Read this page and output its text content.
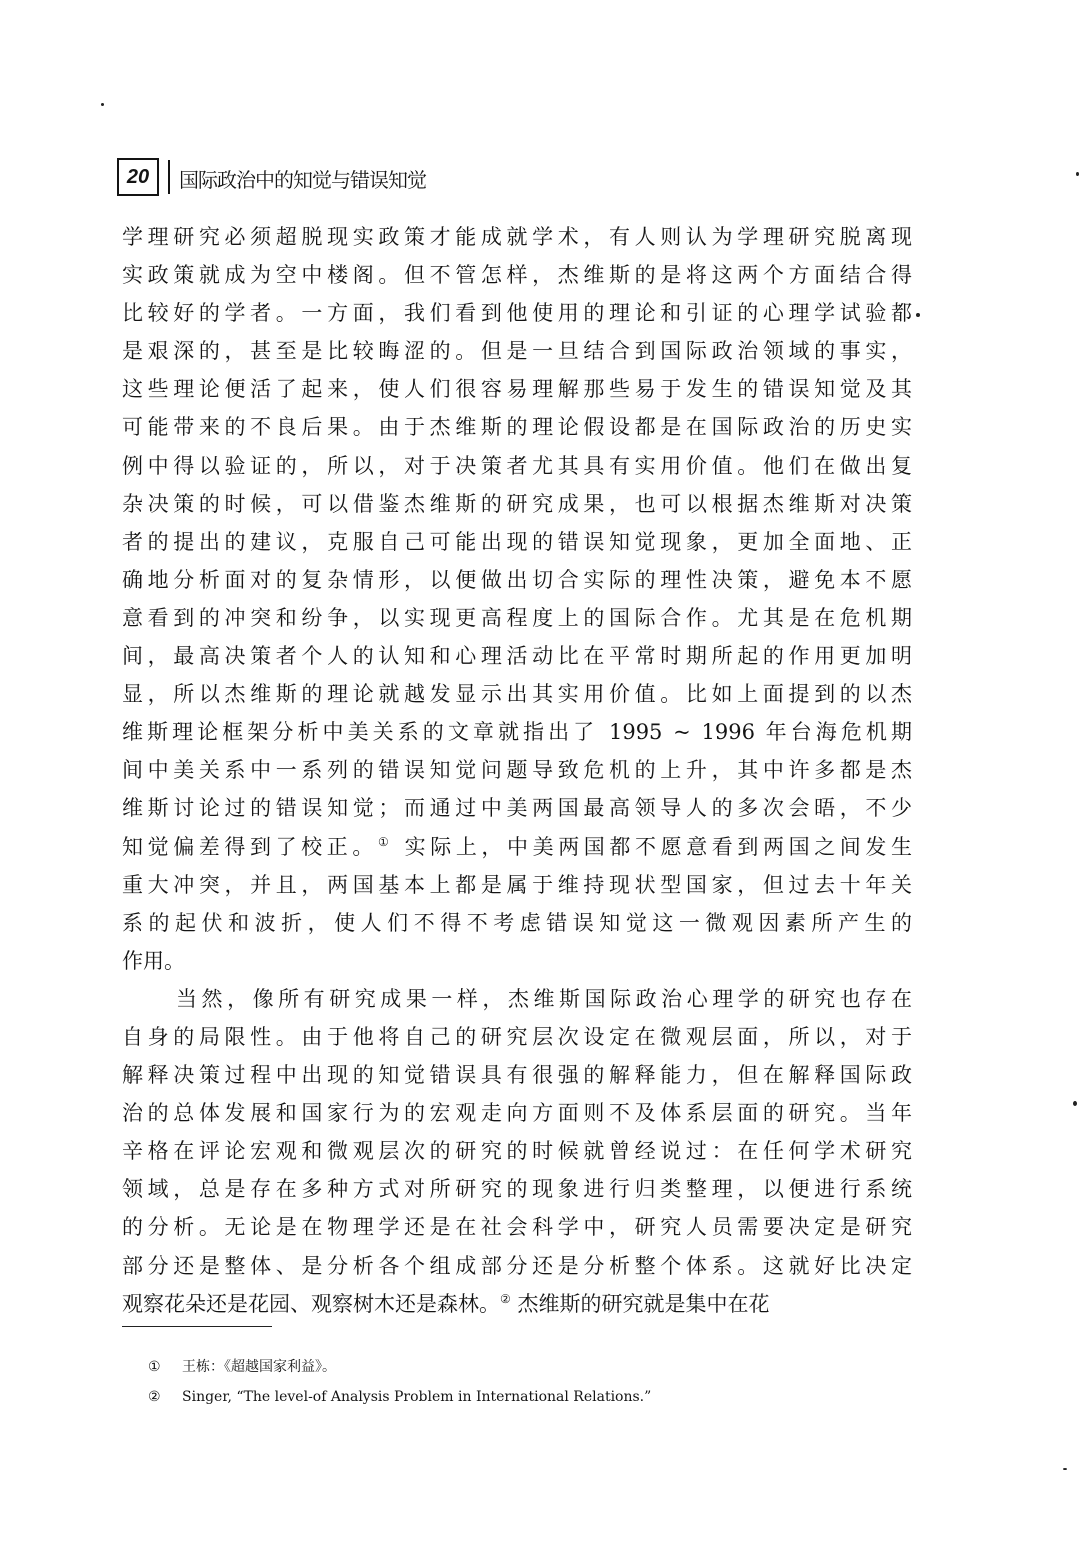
20	国际政治中的知觉与错误知觉
学理研究必须超脱现实政策才能成就学术，有人则认为学理研究脱离现
实政策就成为空中楼阁。但不管怎样，杰维斯的是将这两个方面结合得
比较好的学者。一方面，我们看到他使用的理论和引证的心理学试验都
是艰深的，甚至是比较晦涩的。但是一旦结合到国际政治领域的事实，
这些理论便活了起来，使人们很容易理解那些易于发生的错误知觉及其
可能带来的不良后果。由于杰维斯的理论假设都是在国际政治的历史实
例中得以验证的，所以，对于决策者尤其具有实用价值。他们在做出复
杂决策的时候，可以借鉴杰维斯的研究成果，也可以根据杰维斯对决策
者的提出的建议，克服自己可能出现的错误知觉现象，更加全面地、正
确地分析面对的复杂情形，以便做出切合实际的理性决策，避免本不愿
意看到的冲突和纷争，以实现更高程度上的国际合作。尤其是在危机期
间，最高决策者个人的认知和心理活动比在平常时期所起的作用更加明
显，所以杰维斯的理论就越发显示出其实用价值。比如上面提到的以杰
维斯理论框架分析中美关系的文章就指出了 1995 ~ 1996 年台海危机期
间中美关系中一系列的错误知觉问题导致危机的上升，其中许多都是杰
维斯讨论过的错误知觉；而通过中美两国最高领导人的多次会晤，不少
知觉偏差得到了校正。① 实际上，中美两国都不愿意看到两国之间发生
重大冲突，并且，两国基本上都是属于维持现状型国家，但过去十年关
系的起伏和波折，使人们不得不考虑错误知觉这一微观因素所产生的
作用。
当然，像所有研究成果一样，杰维斯国际政治心理学的研究也存在
自身的局限性。由于他将自己的研究层次设定在微观层面，所以，对于
解释决策过程中出现的知觉错误具有很强的解释能力，但在解释国际政
治的总体发展和国家行为的宏观走向方面则不及体系层面的研究。当年
辛格在评论宏观和微观层次的研究的时候就曾经说过：在任何学术研究
领域，总是存在多种方式对所研究的现象进行归类整理，以便进行系统
的分析。无论是在物理学还是在社会科学中，研究人员需要决定是研究
部分还是整体、是分析各个组成部分还是分析整个体系。这就好比决定
观察花朵还是花园、观察树木还是森林。② 杰维斯的研究就是集中在花
① 王栋：《超越国家利益》。
② Singer, “The level-of Analysis Problem in International Relations.”
